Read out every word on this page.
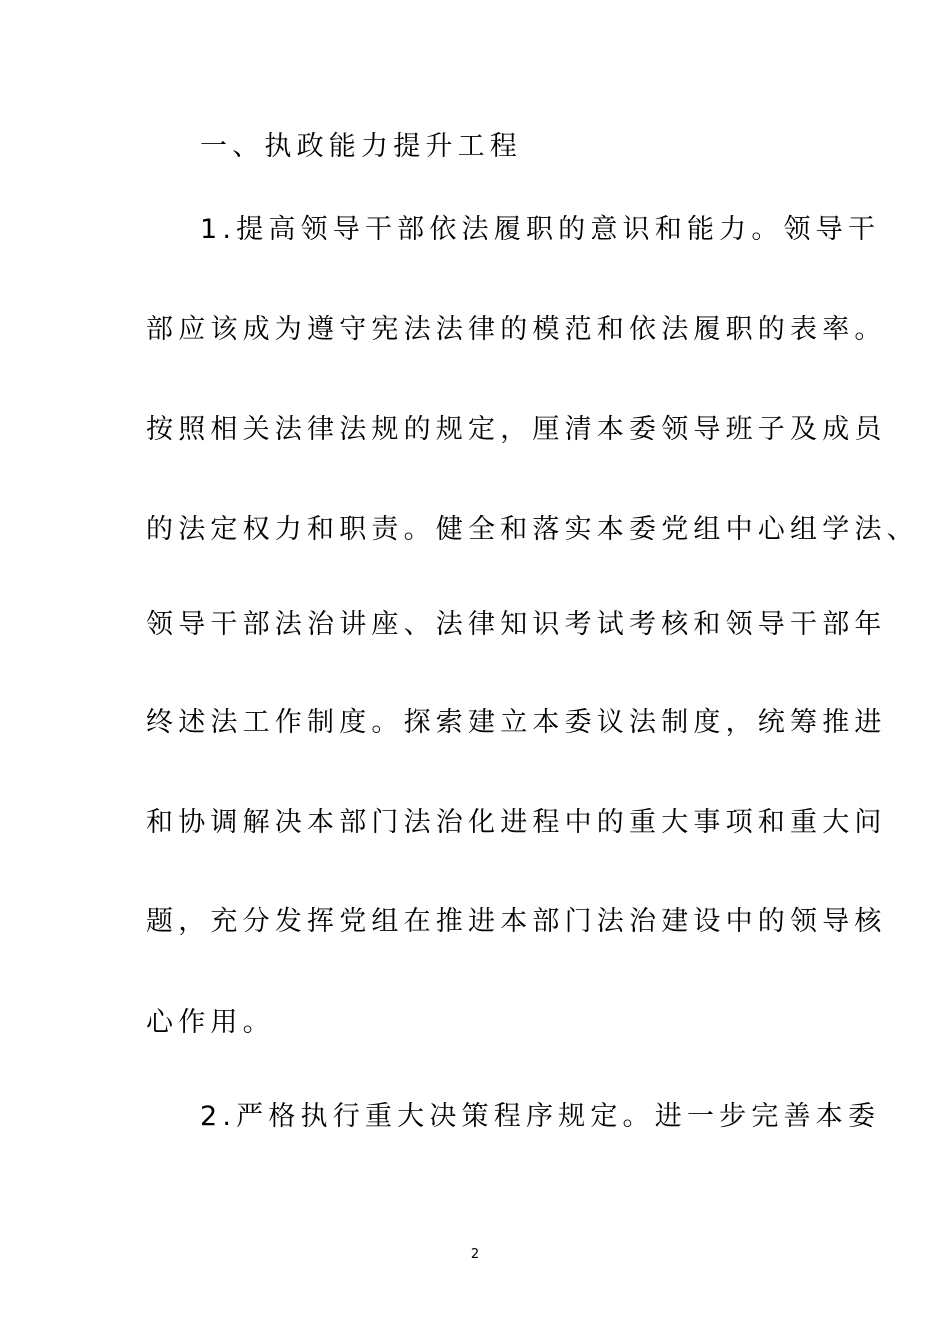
一、执政能力提升工程
1.提高领导干部依法履职的意识和能力。领导干
部应该成为遵守宪法法律的模范和依法履职的表率。
按照相关法律法规的规定，厘清本委领导班子及成员
的法定权力和职责。健全和落实本委党组中心组学法、
领导干部法治讲座、法律知识考试考核和领导干部年
终述法工作制度。探索建立本委议法制度，统筹推进
和协调解决本部门法治化进程中的重大事项和重大问
题，充分发挥党组在推进本部门法治建设中的领导核
心作用。
2.严格执行重大决策程序规定。进一步完善本委
2
